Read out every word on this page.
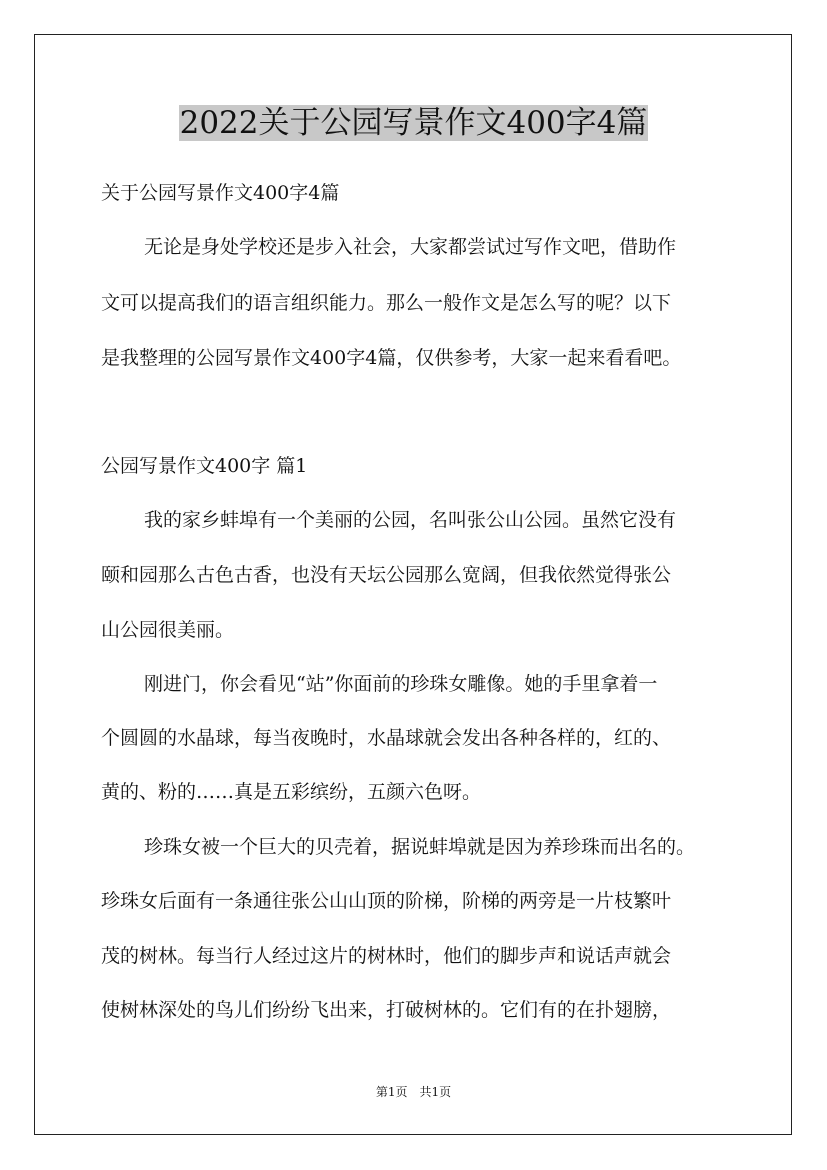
2022关于公园写景作文400字4篇

关于公园写景作文400字4篇

无论是身处学校还是步入社会，大家都尝试过写作文吧，借助作

文可以提高我们的语言组织能力。那么一般作文是怎么写的呢？以下

是我整理的公园写景作文400字4篇，仅供参考，大家一起来看看吧。

公园写景作文400字 篇1

我的家乡蚌埠有一个美丽的公园，名叫张公山公园。虽然它没有

颐和园那么古色古香，也没有天坛公园那么宽阔，但我依然觉得张公

山公园很美丽。

刚进门，你会看见“站”你面前的珍珠女雕像。她的手里拿着一

个圆圆的水晶球，每当夜晚时，水晶球就会发出各种各样的，红的、

黄的、粉的……真是五彩缤纷，五颜六色呀。

珍珠女被一个巨大的贝壳着，据说蚌埠就是因为养珍珠而出名的。

珍珠女后面有一条通往张公山山顶的阶梯，阶梯的两旁是一片枝繁叶

茂的树林。每当行人经过这片的树林时，他们的脚步声和说话声就会

使树林深处的鸟儿们纷纷飞出来，打破树林的。它们有的在扑翅膀，

第1页　共1页
